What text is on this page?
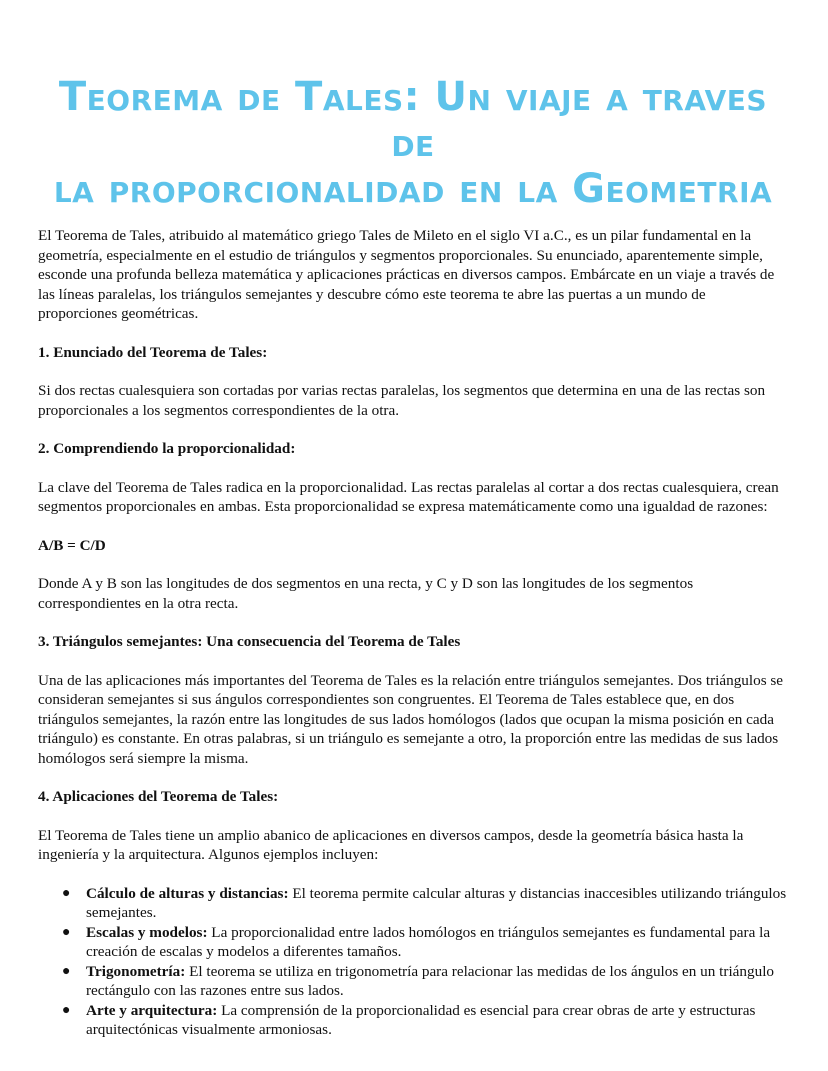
Teorema de Tales: Un viaje a traves de
la proporcionalidad en la Geometria

El Teorema de Tales, atribuido al matemático griego Tales de Mileto en el siglo VI a.C., es un pilar fundamental en la geometría, especialmente en el estudio de triángulos y segmentos proporcionales. Su enunciado, aparentemente simple, esconde una profunda belleza matemática y aplicaciones prácticas en diversos campos. Embárcate en un viaje a través de las líneas paralelas, los triángulos semejantes y descubre cómo este teorema te abre las puertas a un mundo de proporciones geométricas.

1. Enunciado del Teorema de Tales:

Si dos rectas cualesquiera son cortadas por varias rectas paralelas, los segmentos que determina en una de las rectas son proporcionales a los segmentos correspondientes de la otra.

2. Comprendiendo la proporcionalidad:

La clave del Teorema de Tales radica en la proporcionalidad. Las rectas paralelas al cortar a dos rectas cualesquiera, crean segmentos proporcionales en ambas. Esta proporcionalidad se expresa matemáticamente como una igualdad de razones:

A/B = C/D

Donde A y B son las longitudes de dos segmentos en una recta, y C y D son las longitudes de los segmentos correspondientes en la otra recta.

3. Triángulos semejantes: Una consecuencia del Teorema de Tales

Una de las aplicaciones más importantes del Teorema de Tales es la relación entre triángulos semejantes. Dos triángulos se consideran semejantes si sus ángulos correspondientes son congruentes. El Teorema de Tales establece que, en dos triángulos semejantes, la razón entre las longitudes de sus lados homólogos (lados que ocupan la misma posición en cada triángulo) es constante. En otras palabras, si un triángulo es semejante a otro, la proporción entre las medidas de sus lados homólogos será siempre la misma.

4. Aplicaciones del Teorema de Tales:

El Teorema de Tales tiene un amplio abanico de aplicaciones en diversos campos, desde la geometría básica hasta la ingeniería y la arquitectura. Algunos ejemplos incluyen:

● Cálculo de alturas y distancias: El teorema permite calcular alturas y distancias inaccesibles utilizando triángulos semejantes.
● Escalas y modelos: La proporcionalidad entre lados homólogos en triángulos semejantes es fundamental para la creación de escalas y modelos a diferentes tamaños.
● Trigonometría: El teorema se utiliza en trigonometría para relacionar las medidas de los ángulos en un triángulo rectángulo con las razones entre sus lados.
● Arte y arquitectura: La comprensión de la proporcionalidad es esencial para crear obras de arte y estructuras arquitectónicas visualmente armoniosas.
